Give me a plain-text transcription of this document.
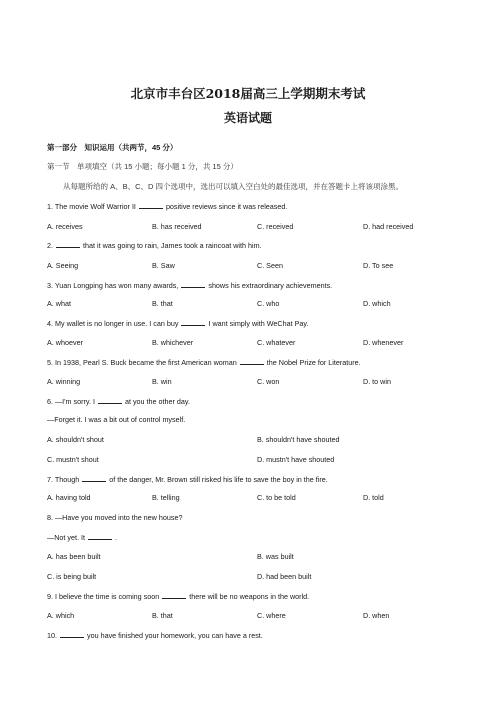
北京市丰台区2018届高三上学期期末考试
英语试题
第一部分　知识运用（共两节，45 分）
第一节　单项填空（共 15 小题；每小题 1 分，共 15 分）
从每题所给的 A、B、C、D 四个选项中，选出可以填入空白处的最佳选项，并在答题卡上将该项涂黑。
1. The movie Wolf Warrior II	positive reviews since it was released.
A. receives	B. has received	C. received	D. had received
2.	that it was going to rain, James took a raincoat with him.
A. Seeing	B. Saw	C. Seen	D. To see
3. Yuan Longping has won many awards,	shows his extraordinary achievements.
A. what	B. that	C. who	D. which
4. My wallet is no longer in use. I can buy	I want simply with WeChat Pay.
A. whoever	B. whichever	C. whatever	D. whenever
5. In 1938, Pearl S. Buck became the first American woman	the Nobel Prize for Literature.
A. winning	B. win	C. won	D. to win
6. —I'm sorry. I	at you the other day.
—Forget it. I was a bit out of control myself.
A. shouldn't shout	B. shouldn't have shouted
C. mustn't shout	D. mustn't have shouted
7. Though	of the danger, Mr. Brown still risked his life to save the boy in the fire.
A. having told	B. telling	C. to be told	D. told
8. —Have you moved into the new house?
—Not yet. It	.
A. has been built	B. was built
C. is being built	D. had been built
9. I believe the time is coming soon	there will be no weapons in the world.
A. which	B. that	C. where	D. when
10.	you have finished your homework, you can have a rest.
